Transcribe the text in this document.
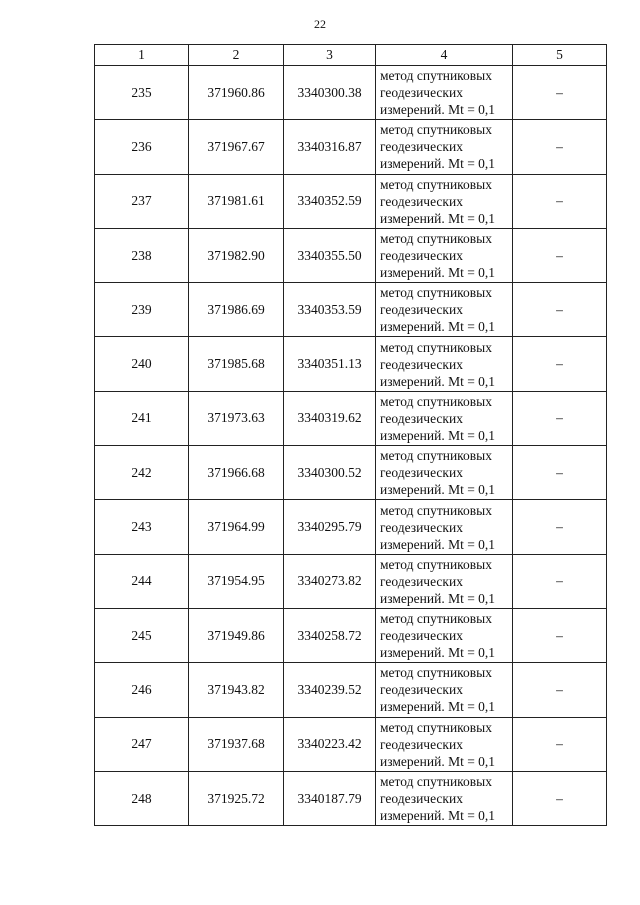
22
1	2	3	4	5
235	371960.86	3340300.38	метод спутниковых
геодезических
измерений. Mt = 0,1	–
236	371967.67	3340316.87	метод спутниковых
геодезических
измерений. Mt = 0,1	–
237	371981.61	3340352.59	метод спутниковых
геодезических
измерений. Mt = 0,1	–
238	371982.90	3340355.50	метод спутниковых
геодезических
измерений. Mt = 0,1	–
239	371986.69	3340353.59	метод спутниковых
геодезических
измерений. Mt = 0,1	–
240	371985.68	3340351.13	метод спутниковых
геодезических
измерений. Mt = 0,1	–
241	371973.63	3340319.62	метод спутниковых
геодезических
измерений. Mt = 0,1	–
242	371966.68	3340300.52	метод спутниковых
геодезических
измерений. Mt = 0,1	–
243	371964.99	3340295.79	метод спутниковых
геодезических
измерений. Mt = 0,1	–
244	371954.95	3340273.82	метод спутниковых
геодезических
измерений. Mt = 0,1	–
245	371949.86	3340258.72	метод спутниковых
геодезических
измерений. Mt = 0,1	–
246	371943.82	3340239.52	метод спутниковых
геодезических
измерений. Mt = 0,1	–
247	371937.68	3340223.42	метод спутниковых
геодезических
измерений. Mt = 0,1	–
248	371925.72	3340187.79	метод спутниковых
геодезических
измерений. Mt = 0,1	–
